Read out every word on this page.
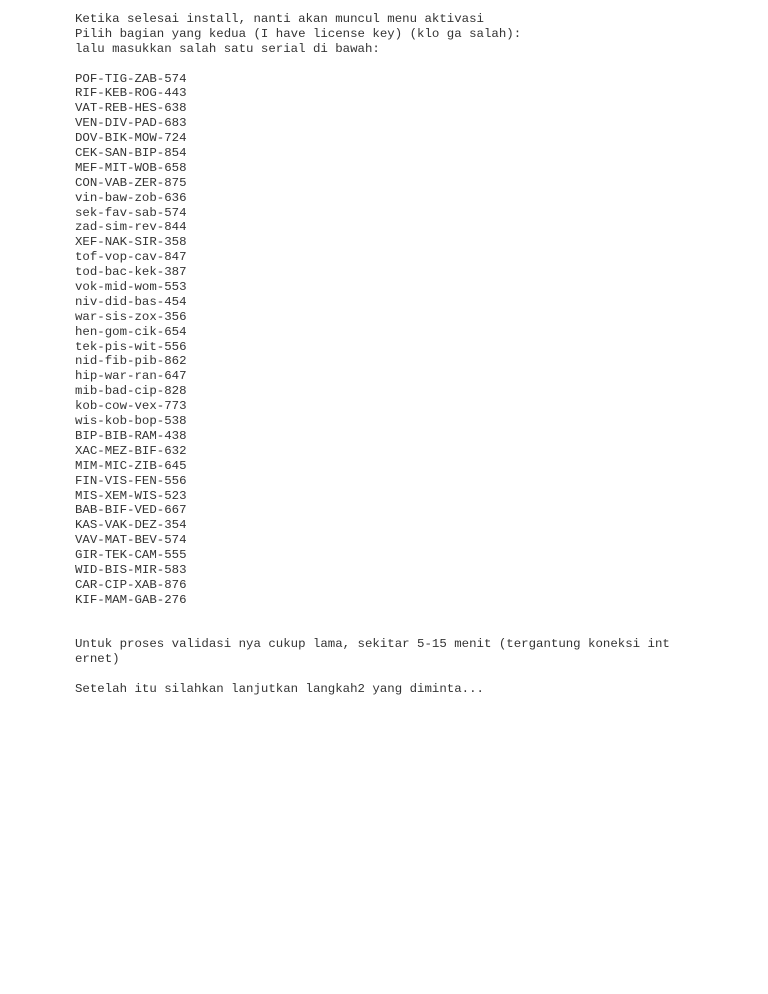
Ketika selesai install, nanti akan muncul menu aktivasi
Pilih bagian yang kedua (I have license key) (klo ga salah):
lalu masukkan salah satu serial di bawah:
POF-TIG-ZAB-574
RIF-KEB-ROG-443
VAT-REB-HES-638
VEN-DIV-PAD-683
DOV-BIK-MOW-724
CEK-SAN-BIP-854
MEF-MIT-WOB-658
CON-VAB-ZER-875
vin-baw-zob-636
sek-fav-sab-574
zad-sim-rev-844
XEF-NAK-SIR-358
tof-vop-cav-847
tod-bac-kek-387
vok-mid-wom-553
niv-did-bas-454
war-sis-zox-356
hen-gom-cik-654
tek-pis-wit-556
nid-fib-pib-862
hip-war-ran-647
mib-bad-cip-828
kob-cow-vex-773
wis-kob-bop-538
BIP-BIB-RAM-438
XAC-MEZ-BIF-632
MIM-MIC-ZIB-645
FIN-VIS-FEN-556
MIS-XEM-WIS-523
BAB-BIF-VED-667
KAS-VAK-DEZ-354
VAV-MAT-BEV-574
GIR-TEK-CAM-555
WID-BIS-MIR-583
CAR-CIP-XAB-876
KIF-MAM-GAB-276
Untuk proses validasi nya cukup lama, sekitar 5-15 menit (tergantung koneksi int
ernet)
Setelah itu silahkan lanjutkan langkah2 yang diminta...
